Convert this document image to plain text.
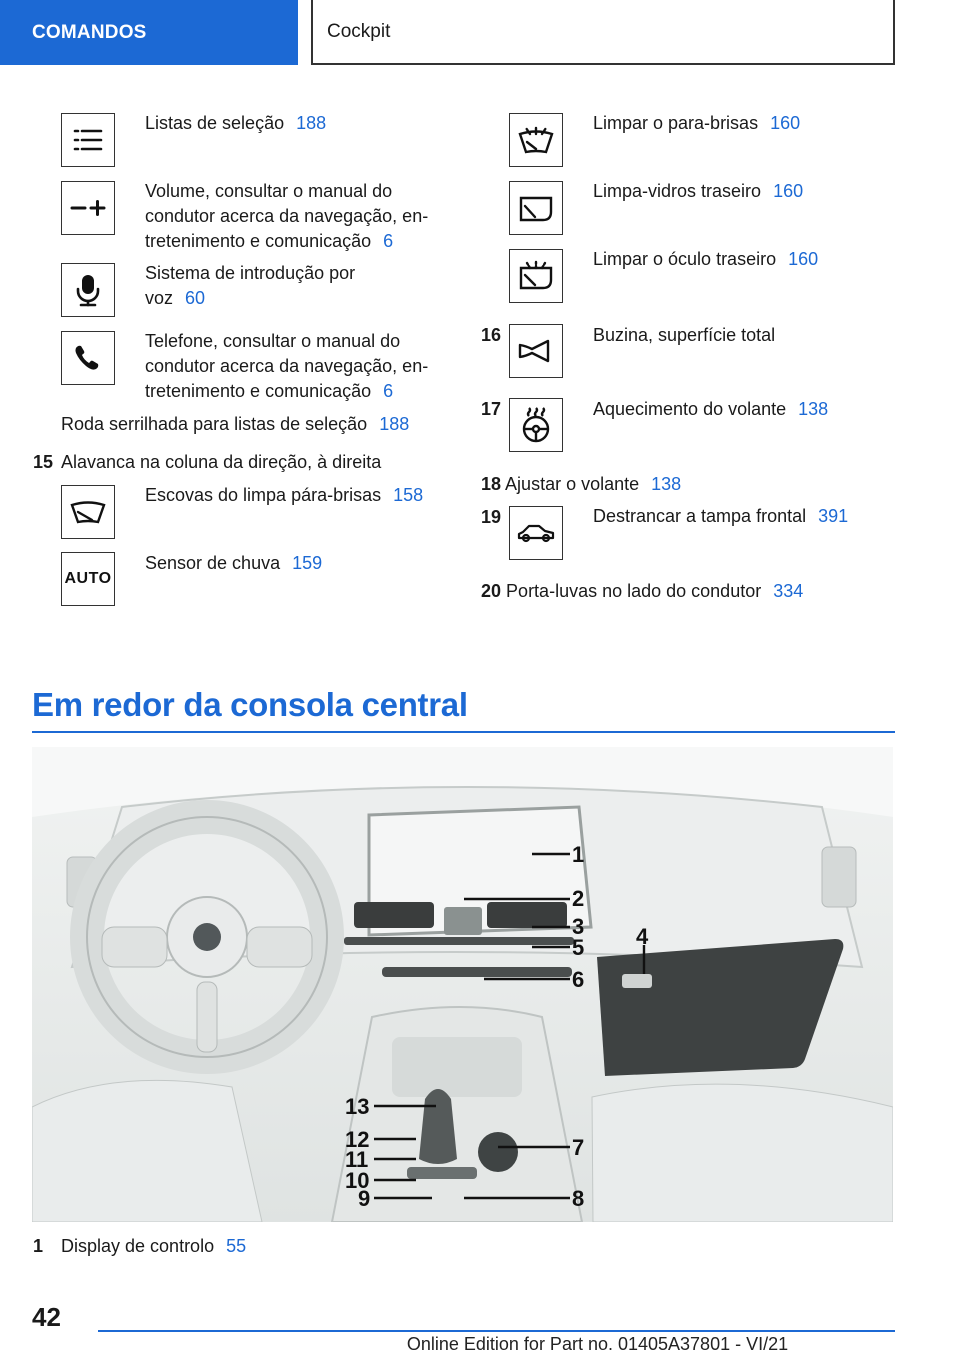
COMANDOS	Cockpit
Listas de seleção 188
Volume, consultar o manual do
condutor acerca da navegação, en-
tretenimento e comunicação 6
Sistema de introdução por
voz 60
Telefone, consultar o manual do
condutor acerca da navegação, en-
tretenimento e comunicação 6
Roda serrilhada para listas de seleção 188
15 Alavanca na coluna da direção, à direita
Escovas do limpa pára-brisas 158
AUTO
Sensor de chuva 159
Limpar o para-brisas 160
Limpa-vidros traseiro 160
Limpar o óculo traseiro 160
16	Buzina, superfície total
17	Aquecimento do volante 138
18 Ajustar o volante 138
19	Destrancar a tampa frontal 391
20 Porta-luvas no lado do condutor 334
Em redor da consola central
1
2
3 4
5
6
7
8
9
10
11
12
13
1 Display de controlo 55
42
Online Edition for Part no. 01405A37801 - VI/21
